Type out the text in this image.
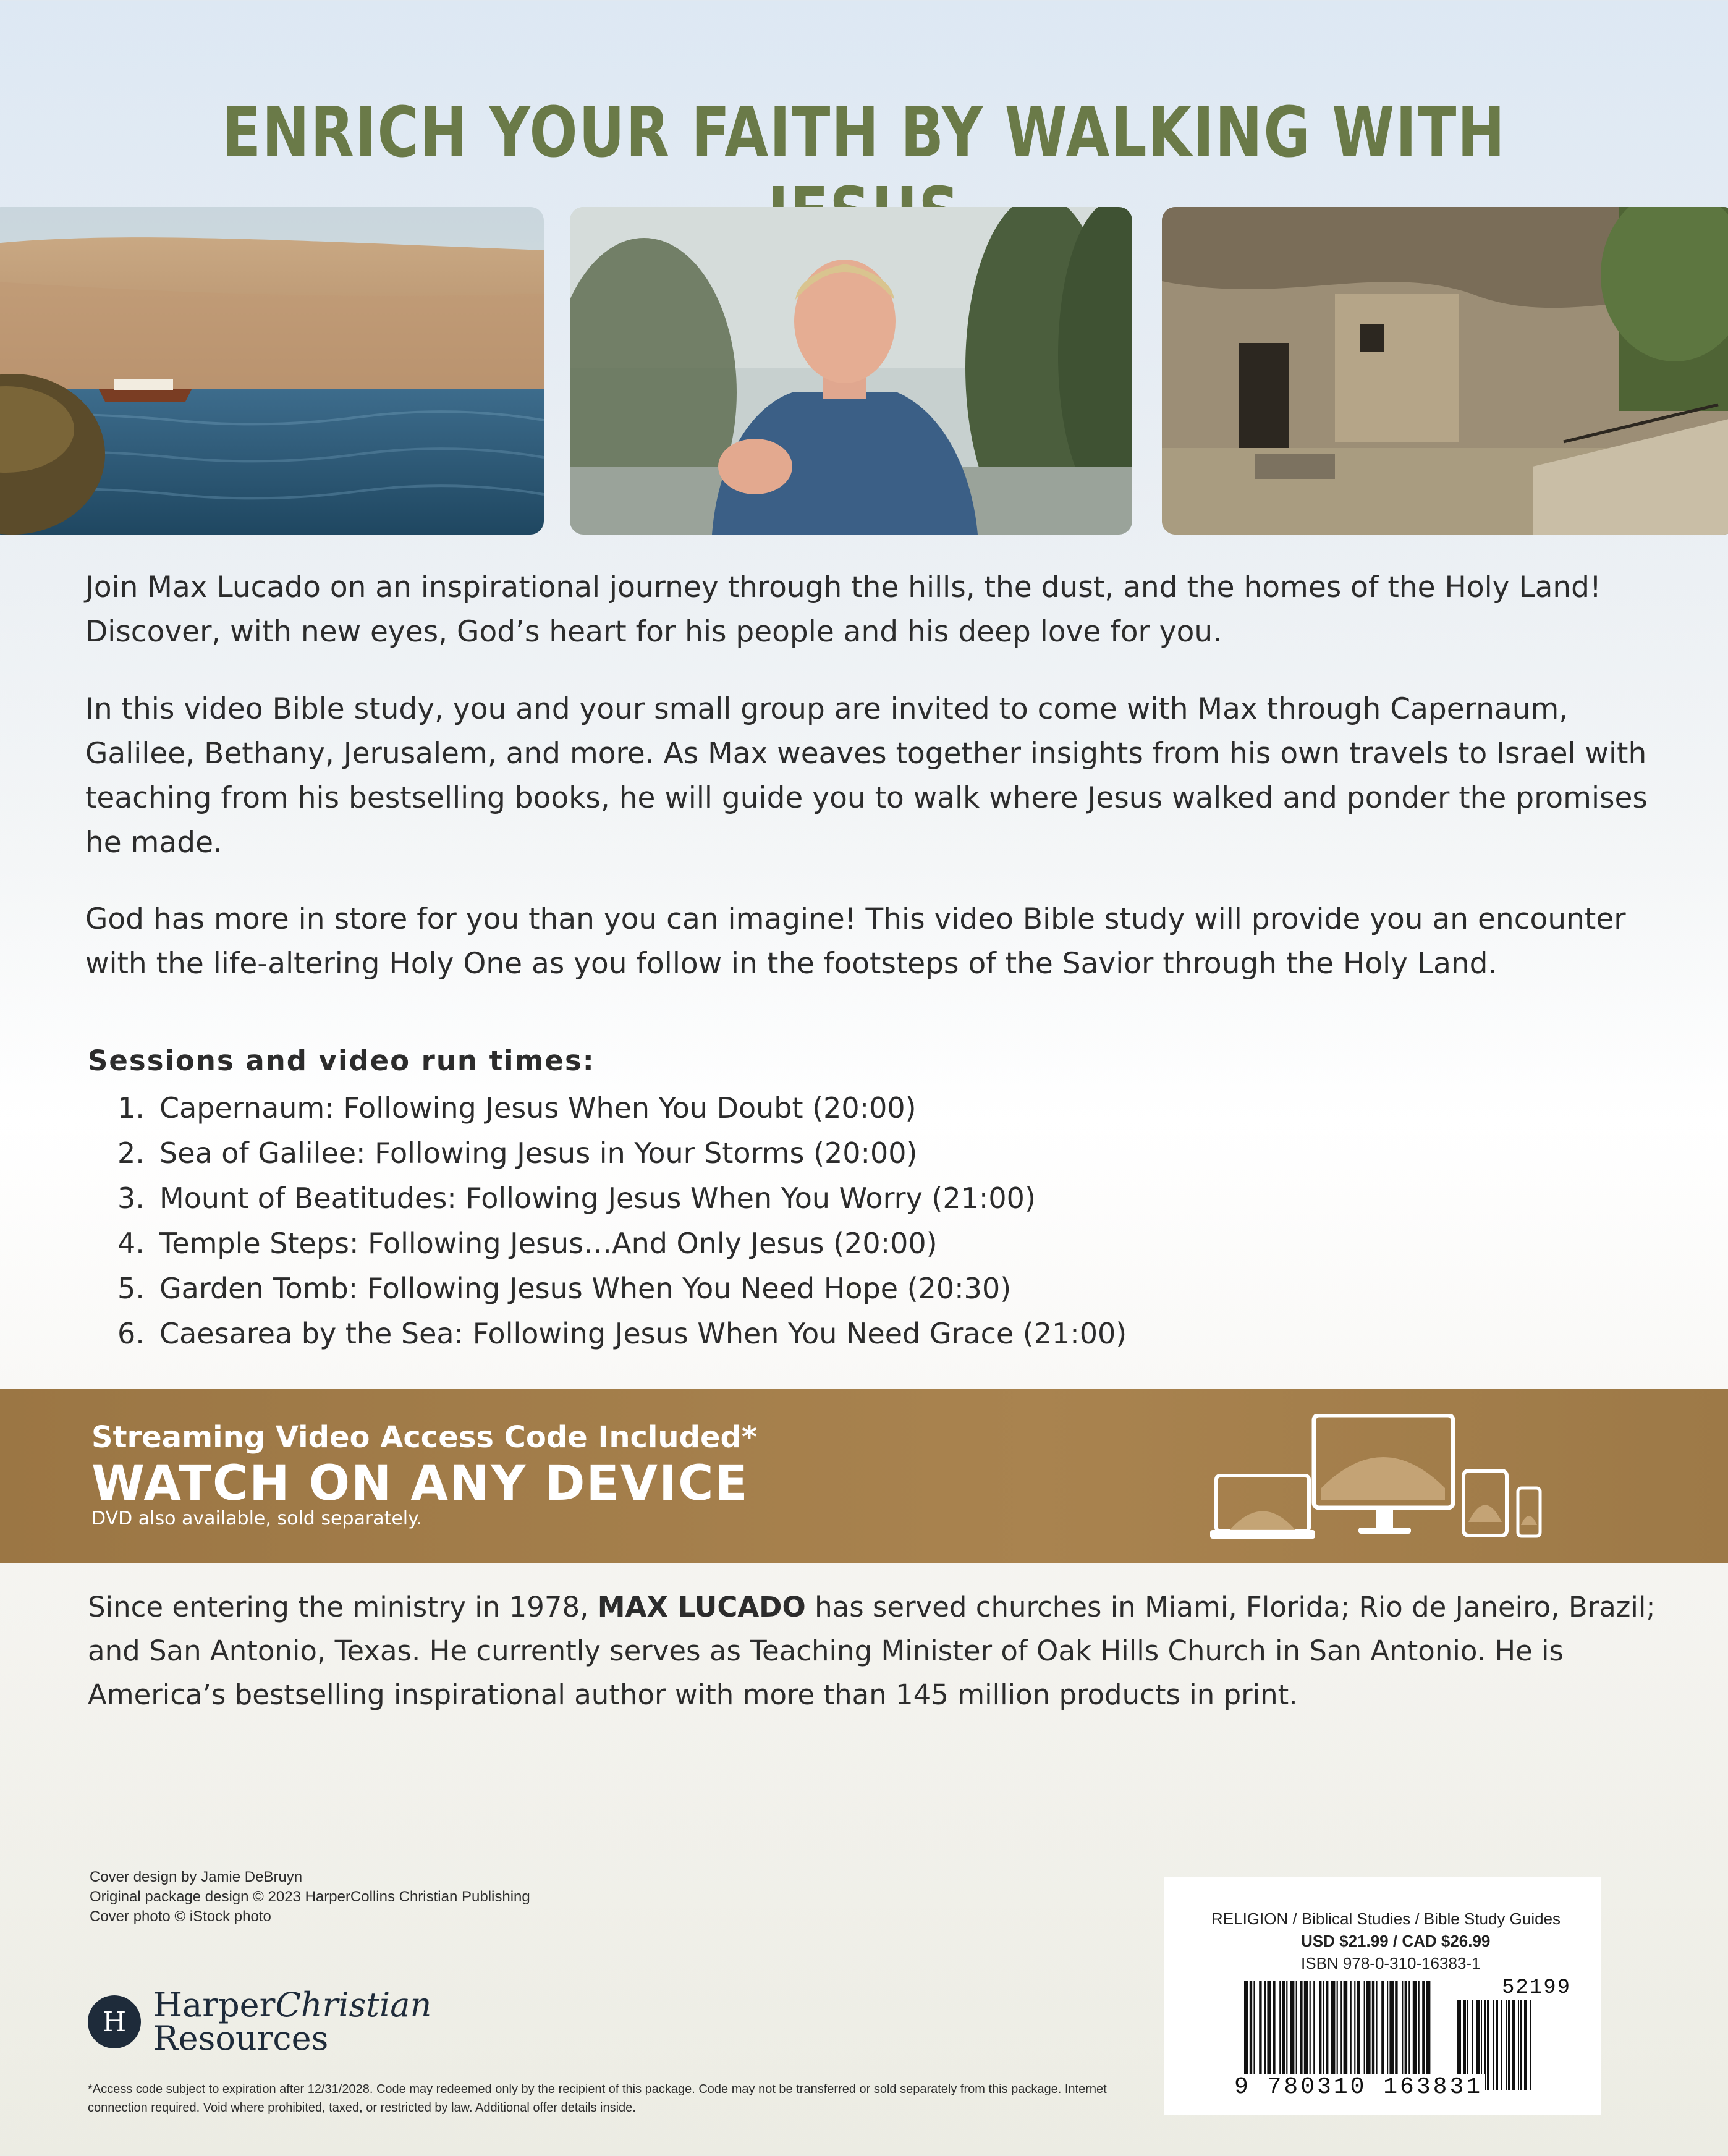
ENRICH YOUR FAITH BY WALKING WITH

Join Max Lucado on an inspirational journey through the hills, the dust, and the homes of the Holy Land! Discover, with new eyes, God’s heart for his people and his deep love for you.

In this video Bible study, you and your small group are invited to come with Max through Capernaum, Galilee, Bethany, Jerusalem, and more. As Max weaves together insights from his own travels to Israel with teaching from his bestselling books, he will guide you to walk where Jesus walked and ponder the promises he made.

God has more in store for you than you can imagine! This video Bible study will provide you an encounter with the life-altering Holy One as you follow in the footsteps of the Savior through the Holy Land.

Sessions and video run times:
1. Capernaum: Following Jesus When You Doubt (20:00)
2. Sea of Galilee: Following Jesus in Your Storms (20:00)
3. Mount of Beatitudes: Following Jesus When You Worry (21:00)
4. Temple Steps: Following Jesus…And Only Jesus (20:00)
5. Garden Tomb: Following Jesus When You Need Hope (20:30)
6. Caesarea by the Sea: Following Jesus When You Need Grace (21:00)
Streaming Video Access Code Included*
WATCH ON ANY DEVICE
DVD also available, sold separately.

Since entering the ministry in 1978, MAX LUCADO has served churches in Miami, Florida; Rio de Janeiro, Brazil; and San Antonio, Texas. He currently serves as Teaching Minister of Oak Hills Church in San Antonio. He is America’s bestselling inspirational author with more than 145 million products in print.

Cover design by Jamie DeBruyn
Original package design © 2023 HarperCollins Christian Publishing
Cover photo © iStock photo
H HarperChristian
Resources

*Access code subject to expiration after 12/31/2028. Code may redeemed only by the recipient of this package. Code may not be transferred or sold separately from this package. Internet connection required. Void where prohibited, taxed, or restricted by law. Additional offer details inside.

RELIGION / Biblical Studies / Bible Study Guides
USD $21.99 / CAD $26.99
ISBN 978-0-310-16383-1
52199
9 780310 163831
